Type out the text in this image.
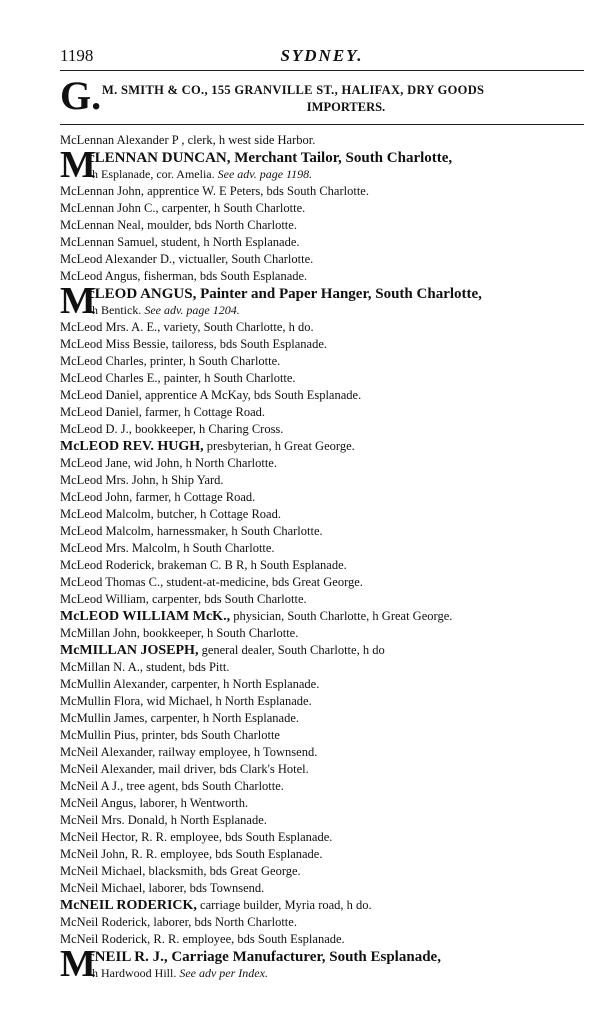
1198	SYDNEY.
G. M. SMITH & CO., 155 GRANVILLE ST., HALIFAX, DRY GOODS
IMPORTERS.
McLennan Alexander P , clerk, h west side Harbor.
M
cLENNAN DUNCAN, Merchant Tailor, South Charlotte,
h Esplanade, cor. Amelia. See adv. page 1198.
McLennan John, apprentice W. E Peters, bds South Charlotte.
McLennan John C., carpenter, h South Charlotte.
McLennan Neal, moulder, bds North Charlotte.
McLennan Samuel, student, h North Esplanade.
McLeod Alexander D., victualler, South Charlotte.
McLeod Angus, fisherman, bds South Esplanade.
M
cLEOD ANGUS, Painter and Paper Hanger, South Charlotte,
h Bentick. See adv. page 1204.
McLeod Mrs. A. E., variety, South Charlotte, h do.
McLeod Miss Bessie, tailoress, bds South Esplanade.
McLeod Charles, printer, h South Charlotte.
McLeod Charles E., painter, h South Charlotte.
McLeod Daniel, apprentice A McKay, bds South Esplanade.
McLeod Daniel, farmer, h Cottage Road.
McLeod D. J., bookkeeper, h Charing Cross.
McLEOD REV. HUGH, presbyterian, h Great George.
McLeod Jane, wid John, h North Charlotte.
McLeod Mrs. John, h Ship Yard.
McLeod John, farmer, h Cottage Road.
McLeod Malcolm, butcher, h Cottage Road.
McLeod Malcolm, harnessmaker, h South Charlotte.
McLeod Mrs. Malcolm, h South Charlotte.
McLeod Roderick, brakeman C. B R, h South Esplanade.
McLeod Thomas C., student-at-medicine, bds Great George.
McLeod William, carpenter, bds South Charlotte.
McLEOD WILLIAM McK., physician, South Charlotte, h Great George.
McMillan John, bookkeeper, h South Charlotte.
McMILLAN JOSEPH, general dealer, South Charlotte, h do
McMillan N. A., student, bds Pitt.
McMullin Alexander, carpenter, h North Esplanade.
McMullin Flora, wid Michael, h North Esplanade.
McMullin James, carpenter, h North Esplanade.
McMullin Pius, printer, bds South Charlotte
McNeil Alexander, railway employee, h Townsend.
McNeil Alexander, mail driver, bds Clark's Hotel.
McNeil A J., tree agent, bds South Charlotte.
McNeil Angus, laborer, h Wentworth.
McNeil Mrs. Donald, h North Esplanade.
McNeil Hector, R. R. employee, bds South Esplanade.
McNeil John, R. R. employee, bds South Esplanade.
McNeil Michael, blacksmith, bds Great George.
McNeil Michael, laborer, bds Townsend.
McNEIL RODERICK, carriage builder, Myria road, h do.
McNeil Roderick, laborer, bds North Charlotte.
McNeil Roderick, R. R. employee, bds South Esplanade.
M
cNEIL R. J., Carriage Manufacturer, South Esplanade,
h Hardwood Hill. See adv per Index.
